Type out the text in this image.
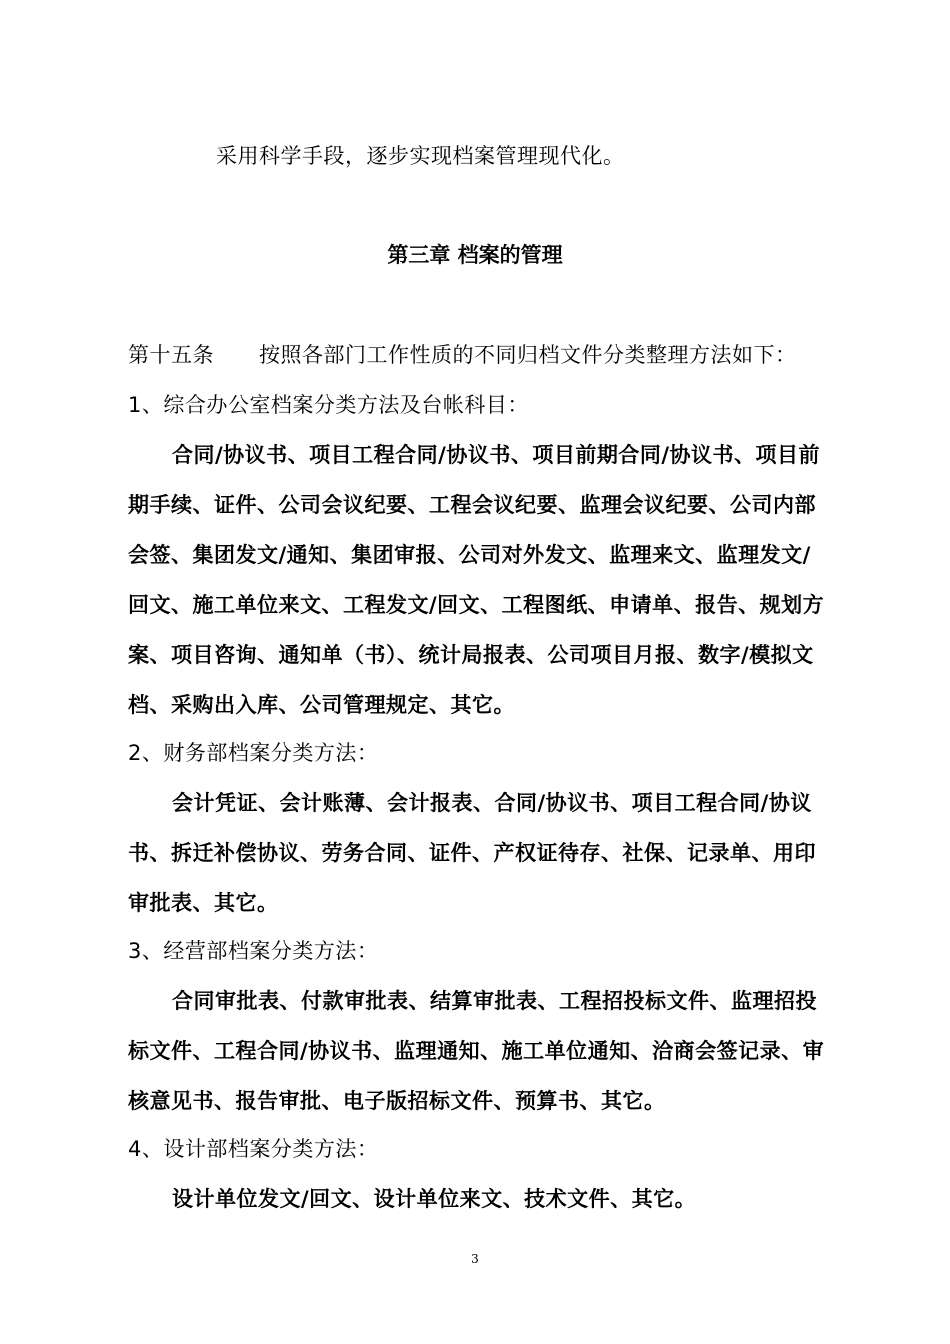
采用科学手段，逐步实现档案管理现代化。
第三章 档案的管理
第十五条 按照各部门工作性质的不同归档文件分类整理方法如下：
1、综合办公室档案分类方法及台帐科目：
合同/协议书、项目工程合同/协议书、项目前期合同/协议书、项目前
期手续、证件、公司会议纪要、工程会议纪要、监理会议纪要、公司内部
会签、集团发文/通知、集团审报、公司对外发文、监理来文、监理发文/
回文、施工单位来文、工程发文/回文、工程图纸、申请单、报告、规划方
案、项目咨询、通知单（书）、统计局报表、公司项目月报、数字/模拟文
档、采购出入库、公司管理规定、其它。
2、财务部档案分类方法：
会计凭证、会计账薄、会计报表、合同/协议书、项目工程合同/协议
书、拆迁补偿协议、劳务合同、证件、产权证待存、社保、记录单、用印
审批表、其它。
3、经营部档案分类方法：
合同审批表、付款审批表、结算审批表、工程招投标文件、监理招投
标文件、工程合同/协议书、监理通知、施工单位通知、洽商会签记录、审
核意见书、报告审批、电子版招标文件、预算书、其它。
4、设计部档案分类方法：
设计单位发文/回文、设计单位来文、技术文件、其它。
3
